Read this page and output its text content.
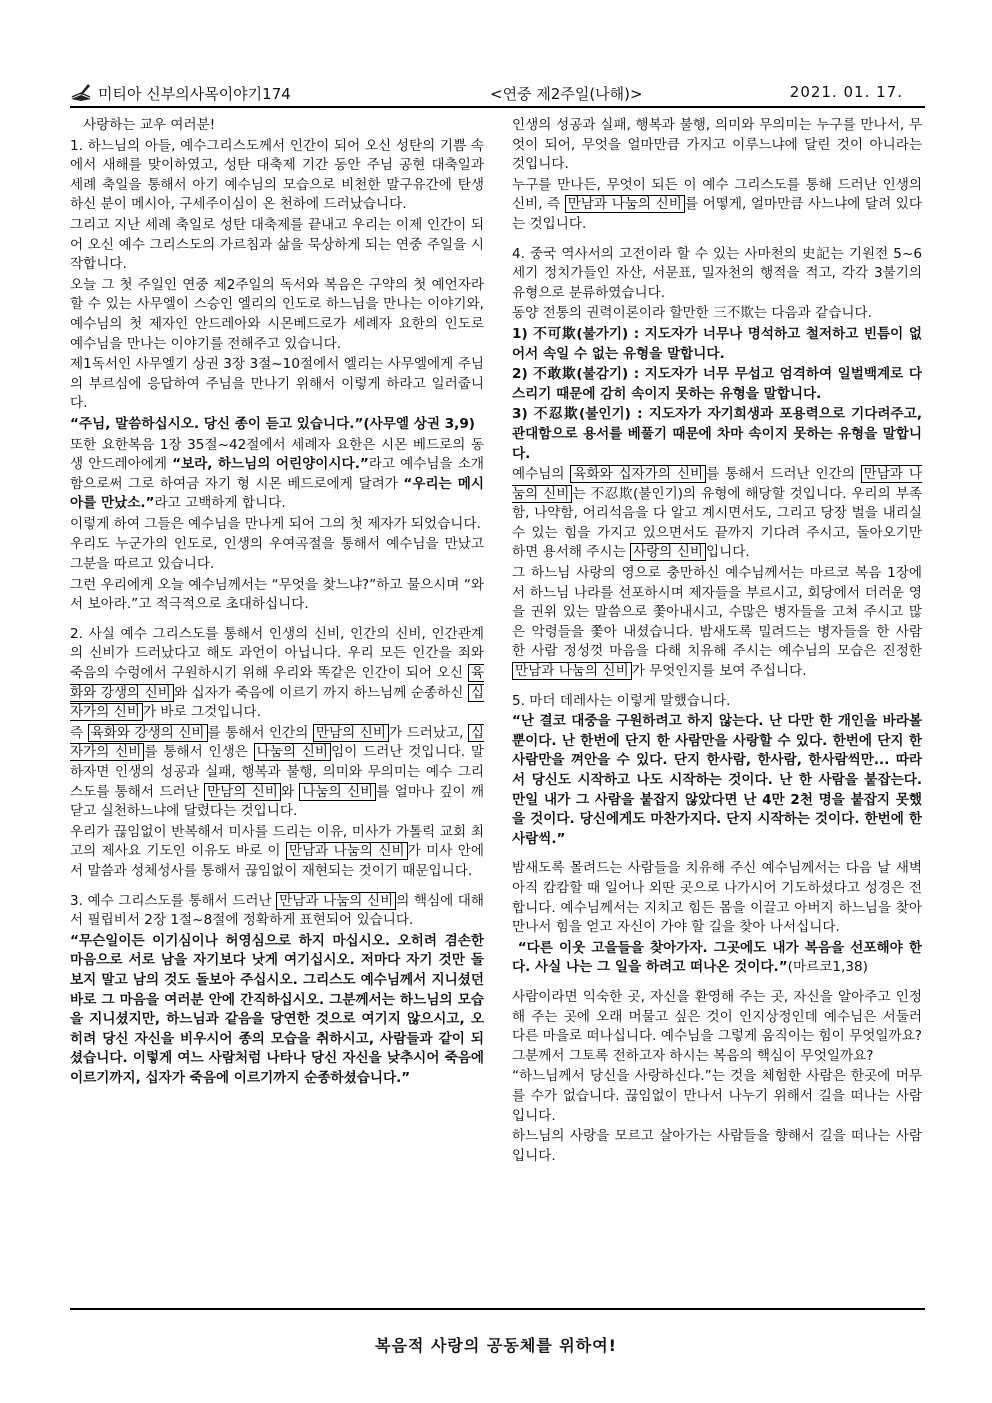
미티아 신부의사목이야기174	<연중 제2주일(나해)>	2021. 01. 17.

사랑하는 교우 여러분!

1. 하느님의 아들, 예수그리스도께서 인간이 되어 오신 성탄의 기쁨 속에서 새해를 맞이하였고, 성탄 대축제 기간 동안 주님 공현 대축일과 세례 축일을 통해서 아기 예수님의 모습으로 비천한 말구유간에 탄생하신 분이 메시아, 구세주이심이 온 천하에 드러났습니다.

그리고 지난 세례 축일로 성탄 대축제를 끝내고 우리는 이제 인간이 되어 오신 예수 그리스도의 가르침과 삶을 묵상하게 되는 연중 주일을 시작합니다.

오늘 그 첫 주일인 연중 제2주일의 독서와 복음은 구약의 첫 예언자라 할 수 있는 사무엘이 스승인 엘리의 인도로 하느님을 만나는 이야기와, 예수님의 첫 제자인 안드레아와 시몬베드로가 세례자 요한의 인도로 예수님을 만나는 이야기를 전해주고 있습니다.

제1독서인 사무엘기 상권 3장 3절~10절에서 엘리는 사무엘에게 주님의 부르심에 응답하여 주님을 만나기 위해서 이렇게 하라고 일러줍니다.

“주님, 말씀하십시오. 당신 종이 듣고 있습니다.”(사무엘 상권 3,9)

또한 요한복음 1장 35절~42절에서 세례자 요한은 시몬 베드로의 동생 안드레아에게 “보라, 하느님의 어린양이시다.”라고 예수님을 소개함으로써 그로 하여금 자기 형 시몬 베드로에게 달려가 “우리는 메시아를 만났소.”라고 고백하게 합니다.

이렇게 하여 그들은 예수님을 만나게 되어 그의 첫 제자가 되었습니다.

우리도 누군가의 인도로, 인생의 우여곡절을 통해서 예수님을 만났고 그분을 따르고 있습니다.

그런 우리에게 오늘 예수님께서는 “무엇을 찾느냐?”하고 물으시며 “와서 보아라.”고 적극적으로 초대하십니다.

2. 사실 예수 그리스도를 통해서 인생의 신비, 인간의 신비, 인간관계의 신비가 드러났다고 해도 과언이 아닙니다. 우리 모든 인간을 죄와 죽음의 수렁에서 구원하시기 위해 우리와 똑같은 인간이 되어 오신 육화와 강생의 신비 와 십자가 죽음에 이르기 까지 하느님께 순종하신 십자가의 신비 가 바로 그것입니다.

즉 육화와 강생의 신비 를 통해서 인간의 만남의 신비 가 드러났고, 십자가의 신비 를 통해서 인생은 나눔의 신비 임이 드러난 것입니다. 말하자면 인생의 성공과 실패, 행복과 불행, 의미와 무의미는 예수 그리스도를 통해서 드러난 만남의 신비 와 나눔의 신비 를 얼마나 깊이 깨닫고 실천하느냐에 달렸다는 것입니다.

우리가 끊임없이 반복해서 미사를 드리는 이유, 미사가 가톨릭 교회 최고의 제사요 기도인 이유도 바로 이 만남과 나눔의 신비 가 미사 안에서 말씀과 성체성사를 통해서 끊임없이 재현되는 것이기 때문입니다.

3. 예수 그리스도를 통해서 드러난 만남과 나눔의 신비 의 핵심에 대해서 필립비서 2장 1절~8절에 정확하게 표현되어 있습니다.

“무슨일이든 이기심이나 허영심으로 하지 마십시오. 오히려 겸손한 마음으로 서로 남을 자기보다 낫게 여기십시오. 저마다 자기 것만 돌보지 말고 남의 것도 돌보아 주십시오. 그리스도 예수님께서 지니셨던 바로 그 마음을 여러분 안에 간직하십시오. 그분께서는 하느님의 모습을 지니셨지만, 하느님과 같음을 당연한 것으로 여기지 않으시고, 오히려 당신 자신을 비우시어 종의 모습을 취하시고, 사람들과 같이 되셨습니다. 이렇게 여느 사람처럼 나타나 당신 자신을 낮추시어 죽음에 이르기까지, 십자가 죽음에 이르기까지 순종하셨습니다.”

인생의 성공과 실패, 행복과 불행, 의미와 무의미는 누구를 만나서, 무엇이 되어, 무엇을 얼마만큼 가지고 이루느냐에 달린 것이 아니라는 것입니다.

누구를 만나든, 무엇이 되든 이 예수 그리스도를 통해 드러난 인생의 신비, 즉 만남과 나눔의 신비 를 어떻게, 얼마만큼 사느냐에 달려 있다는 것입니다.

4. 중국 역사서의 고전이라 할 수 있는 사마천의 史記는 기원전 5~6세기 정치가들인 자산, 서문표, 밀자천의 행적을 적고, 각각 3불기의 유형으로 분류하였습니다.

동양 전통의 권력이론이라 할만한 三不欺는 다음과 같습니다.

1) 不可欺(불가기) : 지도자가 너무나 명석하고 철저하고 빈틈이 없어서 속일 수 없는 유형을 말합니다.

2) 不敢欺(불감기) : 지도자가 너무 무섭고 엄격하여 일벌백계로 다스리기 때문에 감히 속이지 못하는 유형을 말합니다.

3) 不忍欺(불인기) : 지도자가 자기희생과 포용력으로 기다려주고, 관대함으로 용서를 베풀기 때문에 차마 속이지 못하는 유형을 말합니다.

예수님의 육화와 십자가의 신비 를 통해서 드러난 인간의 만남과 나눔의 신비 는 不忍欺(불인기)의 유형에 해당할 것입니다. 우리의 부족함, 나약함, 어리석음을 다 알고 계시면서도, 그리고 당장 벌을 내리실 수 있는 힘을 가지고 있으면서도 끝까지 기다려 주시고, 돌아오기만 하면 용서해 주시는 사랑의 신비 입니다.

그 하느님 사랑의 영으로 충만하신 예수님께서는 마르코 복음 1장에서 하느님 나라를 선포하시며 제자들을 부르시고, 회당에서 더러운 영을 권위 있는 말씀으로 쫓아내시고, 수많은 병자들을 고쳐 주시고 많은 악령들을 쫓아 내셨습니다. 밤새도록 밀려드는 병자들을 한 사람 한 사람 정성껏 마음을 다해 치유해 주시는 예수님의 모습은 진정한 만남과 나눔의 신비 가 무엇인지를 보여 주십니다.

5. 마더 데레사는 이렇게 말했습니다.

“난 결코 대중을 구원하려고 하지 않는다. 난 다만 한 개인을 바라볼 뿐이다. 난 한번에 단지 한 사람만을 사랑할 수 있다. 한번에 단지 한 사람만을 껴안을 수 있다. 단지 한사람, 한사람, 한사람씩만... 따라서 당신도 시작하고 나도 시작하는 것이다. 난 한 사람을 붙잡는다. 만일 내가 그 사람을 붙잡지 않았다면 난 4만 2천 명을 붙잡지 못했을 것이다. 당신에게도 마찬가지다. 단지 시작하는 것이다. 한번에 한 사람씩.”

밤새도록 몰려드는 사람들을 치유해 주신 예수님께서는 다음 날 새벽 아직 캄캄할 때 일어나 외딴 곳으로 나가시어 기도하셨다고 성경은 전합니다. 예수님께서는 지치고 힘든 몸을 이끌고 아버지 하느님을 찾아 만나서 힘을 얻고 자신이 가야 할 길을 찾아 나서십니다.

“다른 이웃 고을들을 찾아가자. 그곳에도 내가 복음을 선포해야 한다. 사실 나는 그 일을 하려고 떠나온 것이다.”(마르코1,38)

사람이라면 익숙한 곳, 자신을 환영해 주는 곳, 자신을 알아주고 인정해 주는 곳에 오래 머물고 싶은 것이 인지상정인데 예수님은 서둘러 다른 마을로 떠나십니다. 예수님을 그렇게 움직이는 힘이 무엇일까요? 그분께서 그토록 전하고자 하시는 복음의 핵심이 무엇일까요?

“하느님께서 당신을 사랑하신다.”는 것을 체험한 사람은 한곳에 머무를 수가 없습니다. 끊임없이 만나서 나누기 위해서 길을 떠나는 사람입니다.

하느님의 사랑을 모르고 살아가는 사람들을 향해서 길을 떠나는 사람입니다.

복음적 사랑의 공동체를 위하여!
